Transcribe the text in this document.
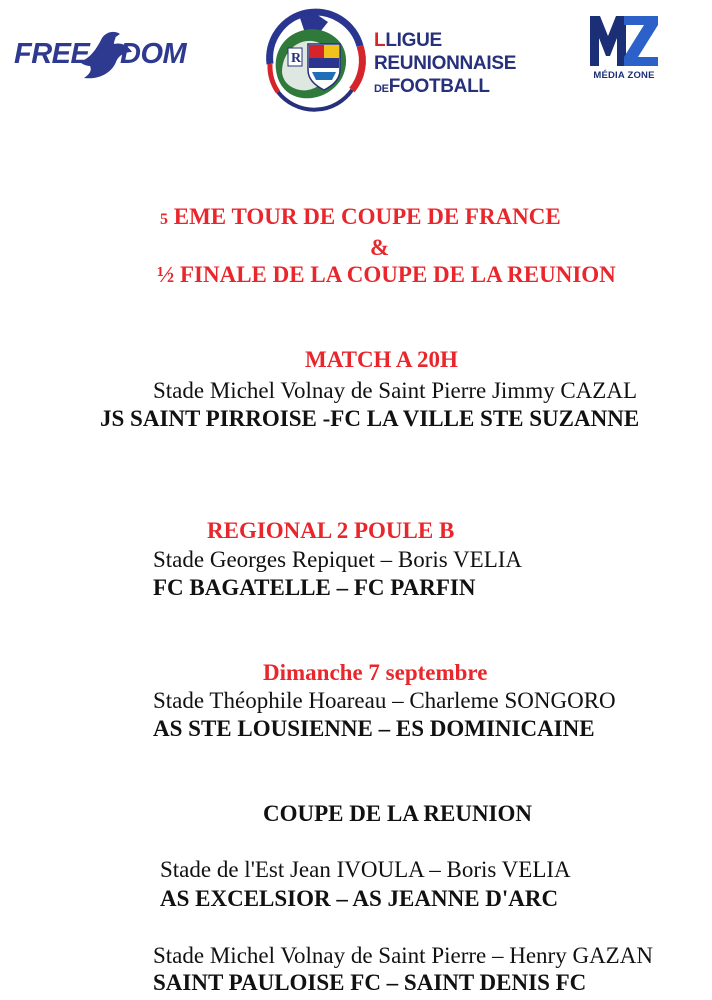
FREE DOM	R
LLIGUE
REUNIONNAISE
DEFOOTBALL
MÉDIA ZONE
5 EME TOUR DE COUPE DE FRANCE
&
½ FINALE DE LA COUPE DE LA REUNION
MATCH A 20H
Stade Michel Volnay de Saint Pierre Jimmy CAZAL
JS SAINT PIRROISE -FC LA VILLE STE SUZANNE
REGIONAL 2 POULE B
Stade Georges Repiquet – Boris VELIA
FC BAGATELLE – FC PARFIN
Dimanche 7 septembre
Stade Théophile Hoareau – Charleme SONGORO
AS STE LOUSIENNE – ES DOMINICAINE
COUPE DE LA REUNION
Stade de l'Est Jean IVOULA – Boris VELIA
AS EXCELSIOR – AS JEANNE D'ARC
Stade Michel Volnay de Saint Pierre – Henry GAZAN
SAINT PAULOISE FC – SAINT DENIS FC
